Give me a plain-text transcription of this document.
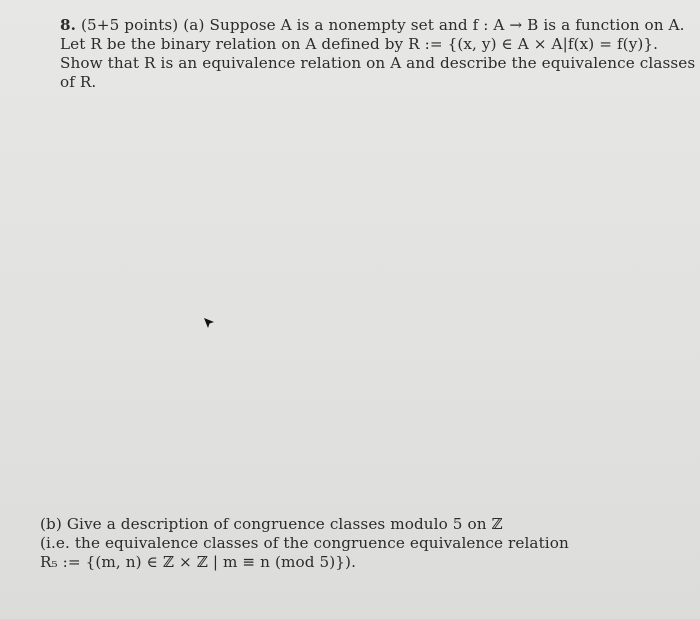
8. (5+5 points) (a) Suppose A is a nonempty set and f : A → B is a function on A.
Let R be the binary relation on A defined by R := {(x, y) ∈ A × A|f(x) = f(y)}.
Show that R is an equivalence relation on A and describe the equivalence classes
of R.
(b) Give a description of congruence classes modulo 5 on ℤ
(i.e. the equivalence classes of the congruence equivalence relation
R₅ := {(m, n) ∈ ℤ × ℤ | m ≡ n (mod 5)}).
